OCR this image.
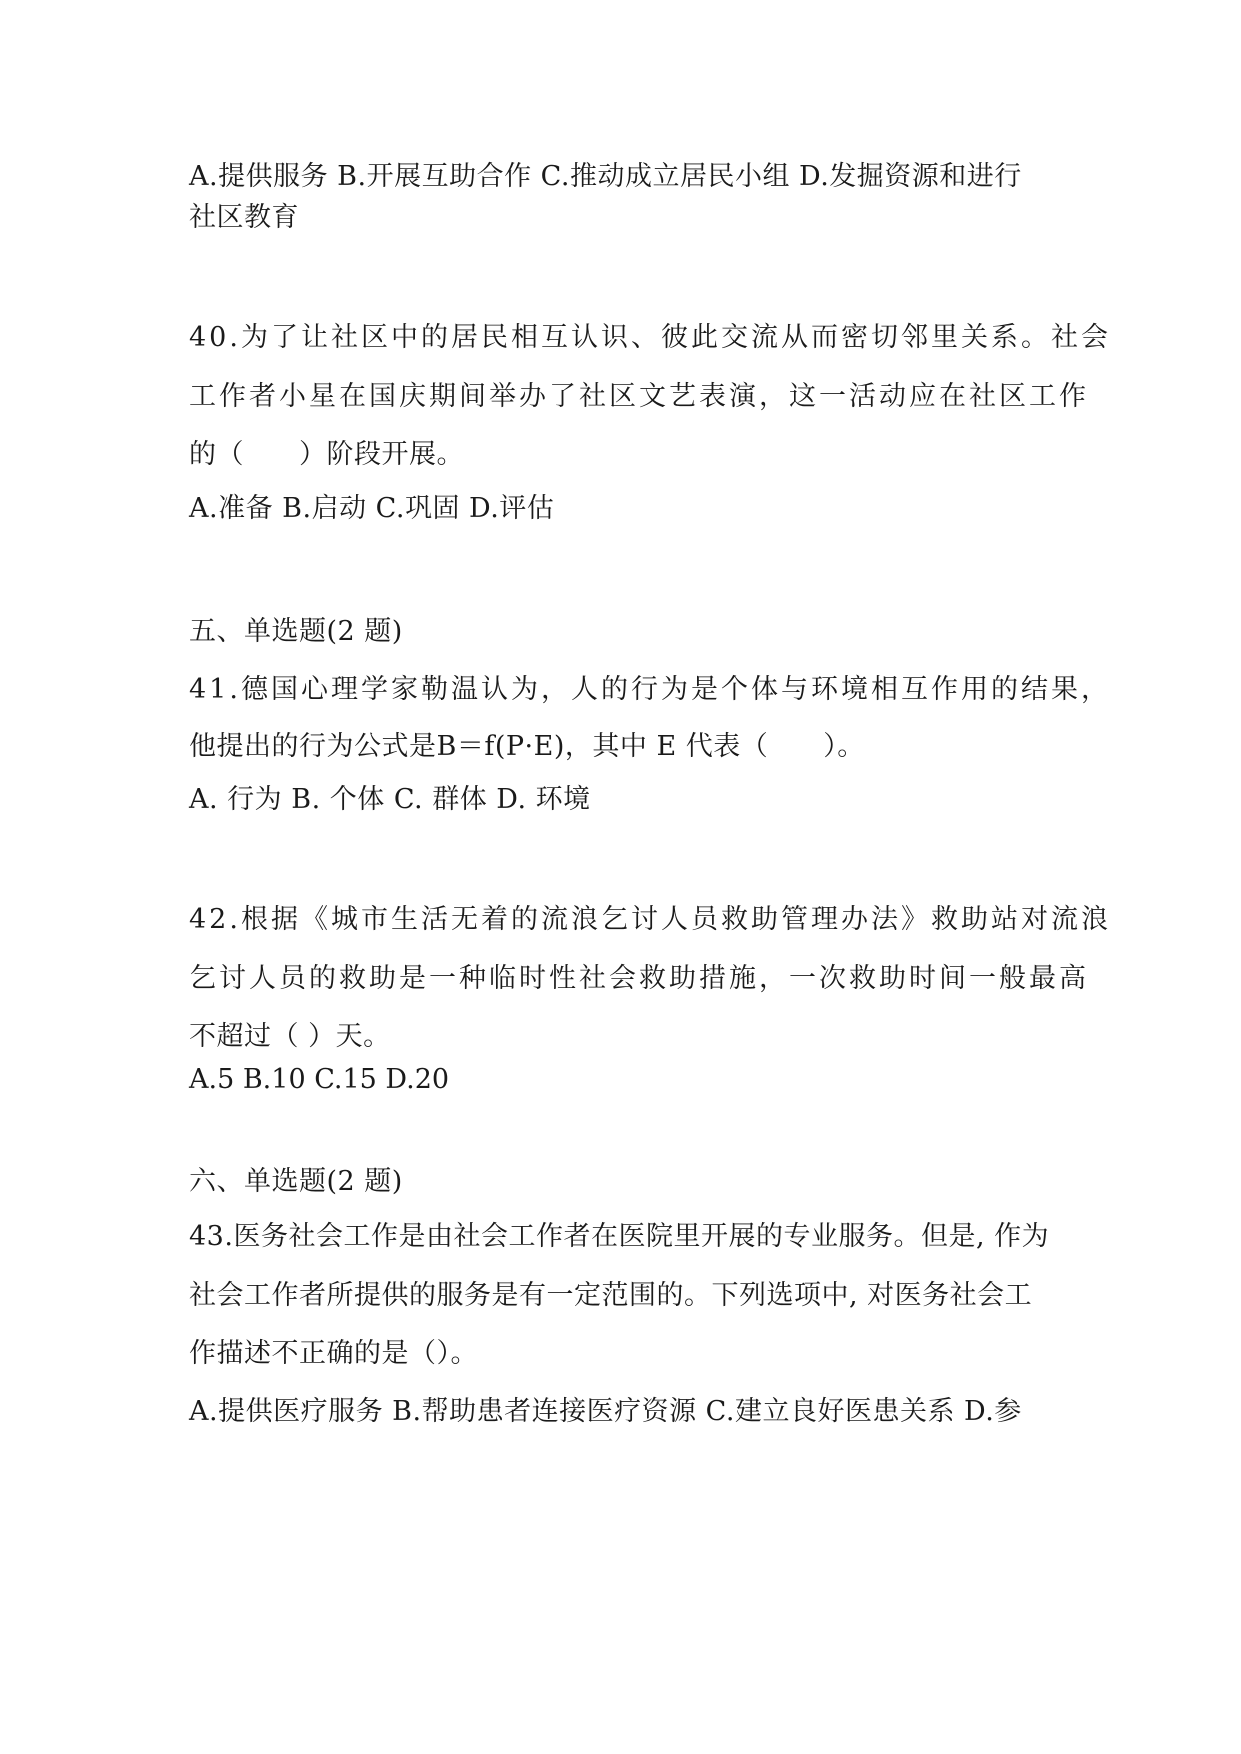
A.提供服务 B.开展互助合作 C.推动成立居民小组 D.发掘资源和进行
社区教育
40.为了让社区中的居民相互认识、彼此交流从而密切邻里关系。社会
工作者小星在国庆期间举办了社区文艺表演，这一活动应在社区工作
的（　　）阶段开展。
A.准备 B.启动 C.巩固 D.评估
五、单选题(2 题)
41.德国心理学家勒温认为，人的行为是个体与环境相互作用的结果，
他提出的行为公式是B＝f(P·E)，其中 E 代表（　　）。
A. 行为 B. 个体 C. 群体 D. 环境
42.根据《城市生活无着的流浪乞讨人员救助管理办法》救助站对流浪
乞讨人员的救助是一种临时性社会救助措施，一次救助时间一般最高
不超过（ ）天。
A.5 B.10 C.15 D.20
六、单选题(2 题)
43.医务社会工作是由社会工作者在医院里开展的专业服务。但是, 作为
社会工作者所提供的服务是有一定范围的。下列选项中, 对医务社会工
作描述不正确的是（）。
A.提供医疗服务 B.帮助患者连接医疗资源 C.建立良好医患关系 D.参
